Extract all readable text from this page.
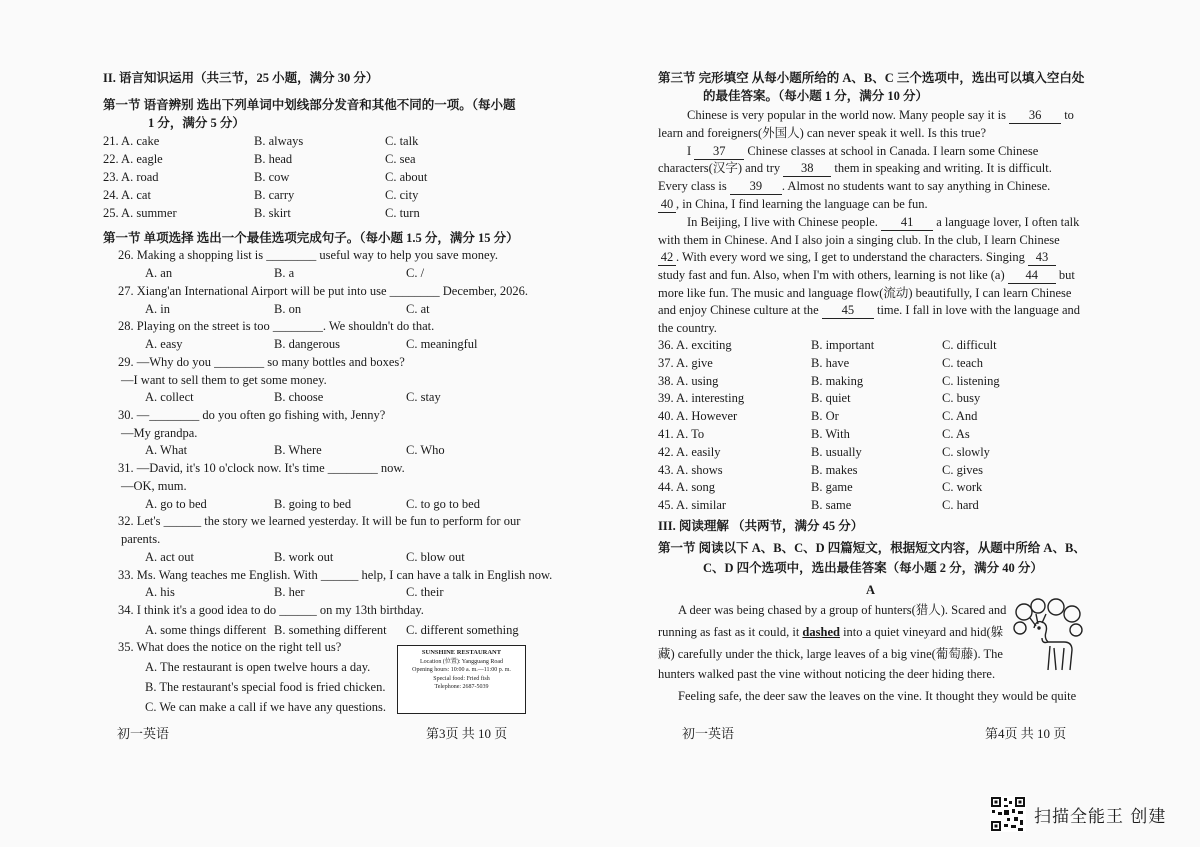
II. 语言知识运用（共三节，25 小题，满分 30 分）
第一节 语音辨别 选出下列单词中划线部分发音和其他不同的一项。（每小题
1 分，满分 5 分）
21. A. cake	B. always	C. talk
22. A. eagle	B. head	C. sea
23. A. road	B. cow	C. about
24. A. cat	B. carry	C. city
25. A. summer	B. skirt	C. turn
第一节 单项选择 选出一个最佳选项完成句子。（每小题 1.5 分，满分 15 分）
26. Making a shopping list is ________ useful way to help you save money.
A. an	B. a	C. /
27. Xiang'an International Airport will be put into use ________ December, 2026.
A. in	B. on	C. at
28. Playing on the street is too ________. We shouldn't do that.
A. easy	B. dangerous	C. meaningful
29. —Why do you ________ so many bottles and boxes?
—I want to sell them to get some money.
A. collect	B. choose	C. stay
30. —________ do you often go fishing with, Jenny?
—My grandpa.
A. What	B. Where	C. Who
31. —David, it's 10 o'clock now. It's time ________ now.
—OK, mum.
A. go to bed	B. going to bed	C. to go to bed
32. Let's ______ the story we learned yesterday. It will be fun to perform for our
parents.
A. act out	B. work out	C. blow out
33. Ms. Wang teaches me English. With ______ help, I can have a talk in English now.
A. his	B. her	C. their
34. I think it's a good idea to do ______ on my 13th birthday.
A. some things different B. something different C. different something
35. What does the notice on the right tell us?
A. The restaurant is open twelve hours a day.
B. The restaurant's special food is fried chicken.
C. We can make a call if we have any questions.
SUNSHINE RESTAURANT
Location (位置): Yangguang Road
Opening hours: 10:00 a. m.—11:00 p. m.
Special food: Fried fish
Telephone: 2687-5039
初一英语	第3页 共 10 页
第三节 完形填空 从每小题所给的 A、B、C 三个选项中，选出可以填入空白处
的最佳答案。（每小题 1 分，满分 10 分）
Chinese is very popular in the world now. Many people say it is 36 to
learn and foreigners(外国人) can never speak it well. Is this true?
I 37 Chinese classes at school in Canada. I learn some Chinese
characters(汉字) and try 38 them in speaking and writing. It is difficult.
Every class is 39 . Almost no students want to say anything in Chinese.
40 , in China, I find learning the language can be fun.
In Beijing, I live with Chinese people. 41 a language lover, I often talk
with them in Chinese. And I also join a singing club. In the club, I learn Chinese
42 . With every word we sing, I get to understand the characters. Singing 43
study fast and fun. Also, when I'm with others, learning is not like (a) 44 but
more like fun. The music and language flow(流动) beautifully, I can learn Chinese
and enjoy Chinese culture at the 45 time. I fall in love with the language and
the country.
36. A. exciting	B. important	C. difficult
37. A. give	B. have	C. teach
38. A. using	B. making	C. listening
39. A. interesting	B. quiet	C. busy
40. A. However	B. Or	C. And
41. A. To	B. With	C. As
42. A. easily	B. usually	C. slowly
43. A. shows	B. makes	C. gives
44. A. song	B. game	C. work
45. A. similar	B. same	C. hard
III. 阅读理解 （共两节，满分 45 分）
第一节 阅读以下 A、B、C、D 四篇短文，根据短文内容，从题中所给 A、B、
C、D 四个选项中，选出最佳答案（每小题 2 分，满分 40 分）
A
A deer was being chased by a group of hunters(猎人). Scared and
running as fast as it could, it dashed into a quiet vineyard and hid(躲
藏) carefully under the thick, large leaves of a big vine(葡萄藤). The
hunters walked past the vine without noticing the deer hiding there.
Feeling safe, the deer saw the leaves on the vine. It thought they would be quite
初一英语	第4页 共 10 页
扫描全能王 创建
